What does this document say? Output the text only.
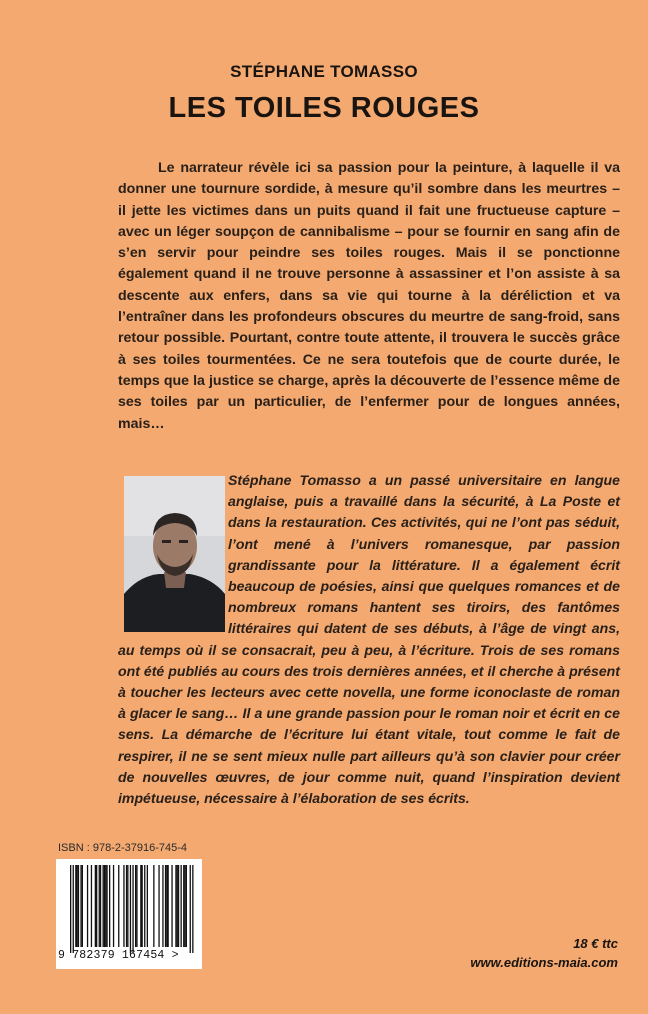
STÉPHANE TOMASSO
LES TOILES ROUGES

Le narrateur révèle ici sa passion pour la peinture, à laquelle il va donner une tournure sordide, à mesure qu’il sombre dans les meurtres – il jette les victimes dans un puits quand il fait une fructueuse capture – avec un léger soupçon de cannibalisme – pour se fournir en sang afin de s’en servir pour peindre ses toiles rouges. Mais il se ponctionne également quand il ne trouve personne à assassiner et l’on assiste à sa descente aux enfers, dans sa vie qui tourne à la déréliction et va l’entraîner dans les profondeurs obscures du meurtre de sang-froid, sans retour possible. Pourtant, contre toute attente, il trouvera le succès grâce à ses toiles tourmentées. Ce ne sera toutefois que de courte durée, le temps que la justice se charge, après la découverte de l’essence même de ses toiles par un particulier, de l’enfermer pour de longues années, mais…

Stéphane Tomasso a un passé universitaire en langue anglaise, puis a travaillé dans la sécurité, à La Poste et dans la restauration. Ces activités, qui ne l’ont pas séduit, l’ont mené à l’univers romanesque, par passion grandissante pour la littérature. Il a également écrit beaucoup de poésies, ainsi que quelques romances et de nombreux romans hantent ses tiroirs, des fantômes littéraires qui datent de ses débuts, à l’âge de vingt ans, au temps où il se consacrait, peu à peu, à l’écriture. Trois de ses romans ont été publiés au cours des trois dernières années, et il cherche à présent à toucher les lecteurs avec cette novella, une forme iconoclaste de roman à glacer le sang… Il a une grande passion pour le roman noir et écrit en ce sens. La démarche de l’écriture lui étant vitale, tout comme le fait de respirer, il ne se sent mieux nulle part ailleurs qu’à son clavier pour créer de nouvelles œuvres, de jour comme nuit, quand l’inspiration devient impétueuse, nécessaire à l’élaboration de ses écrits.
ISBN : 978-2-37916-745-4
9 782379 167454 >
18 € ttc
www.editions-maia.com
